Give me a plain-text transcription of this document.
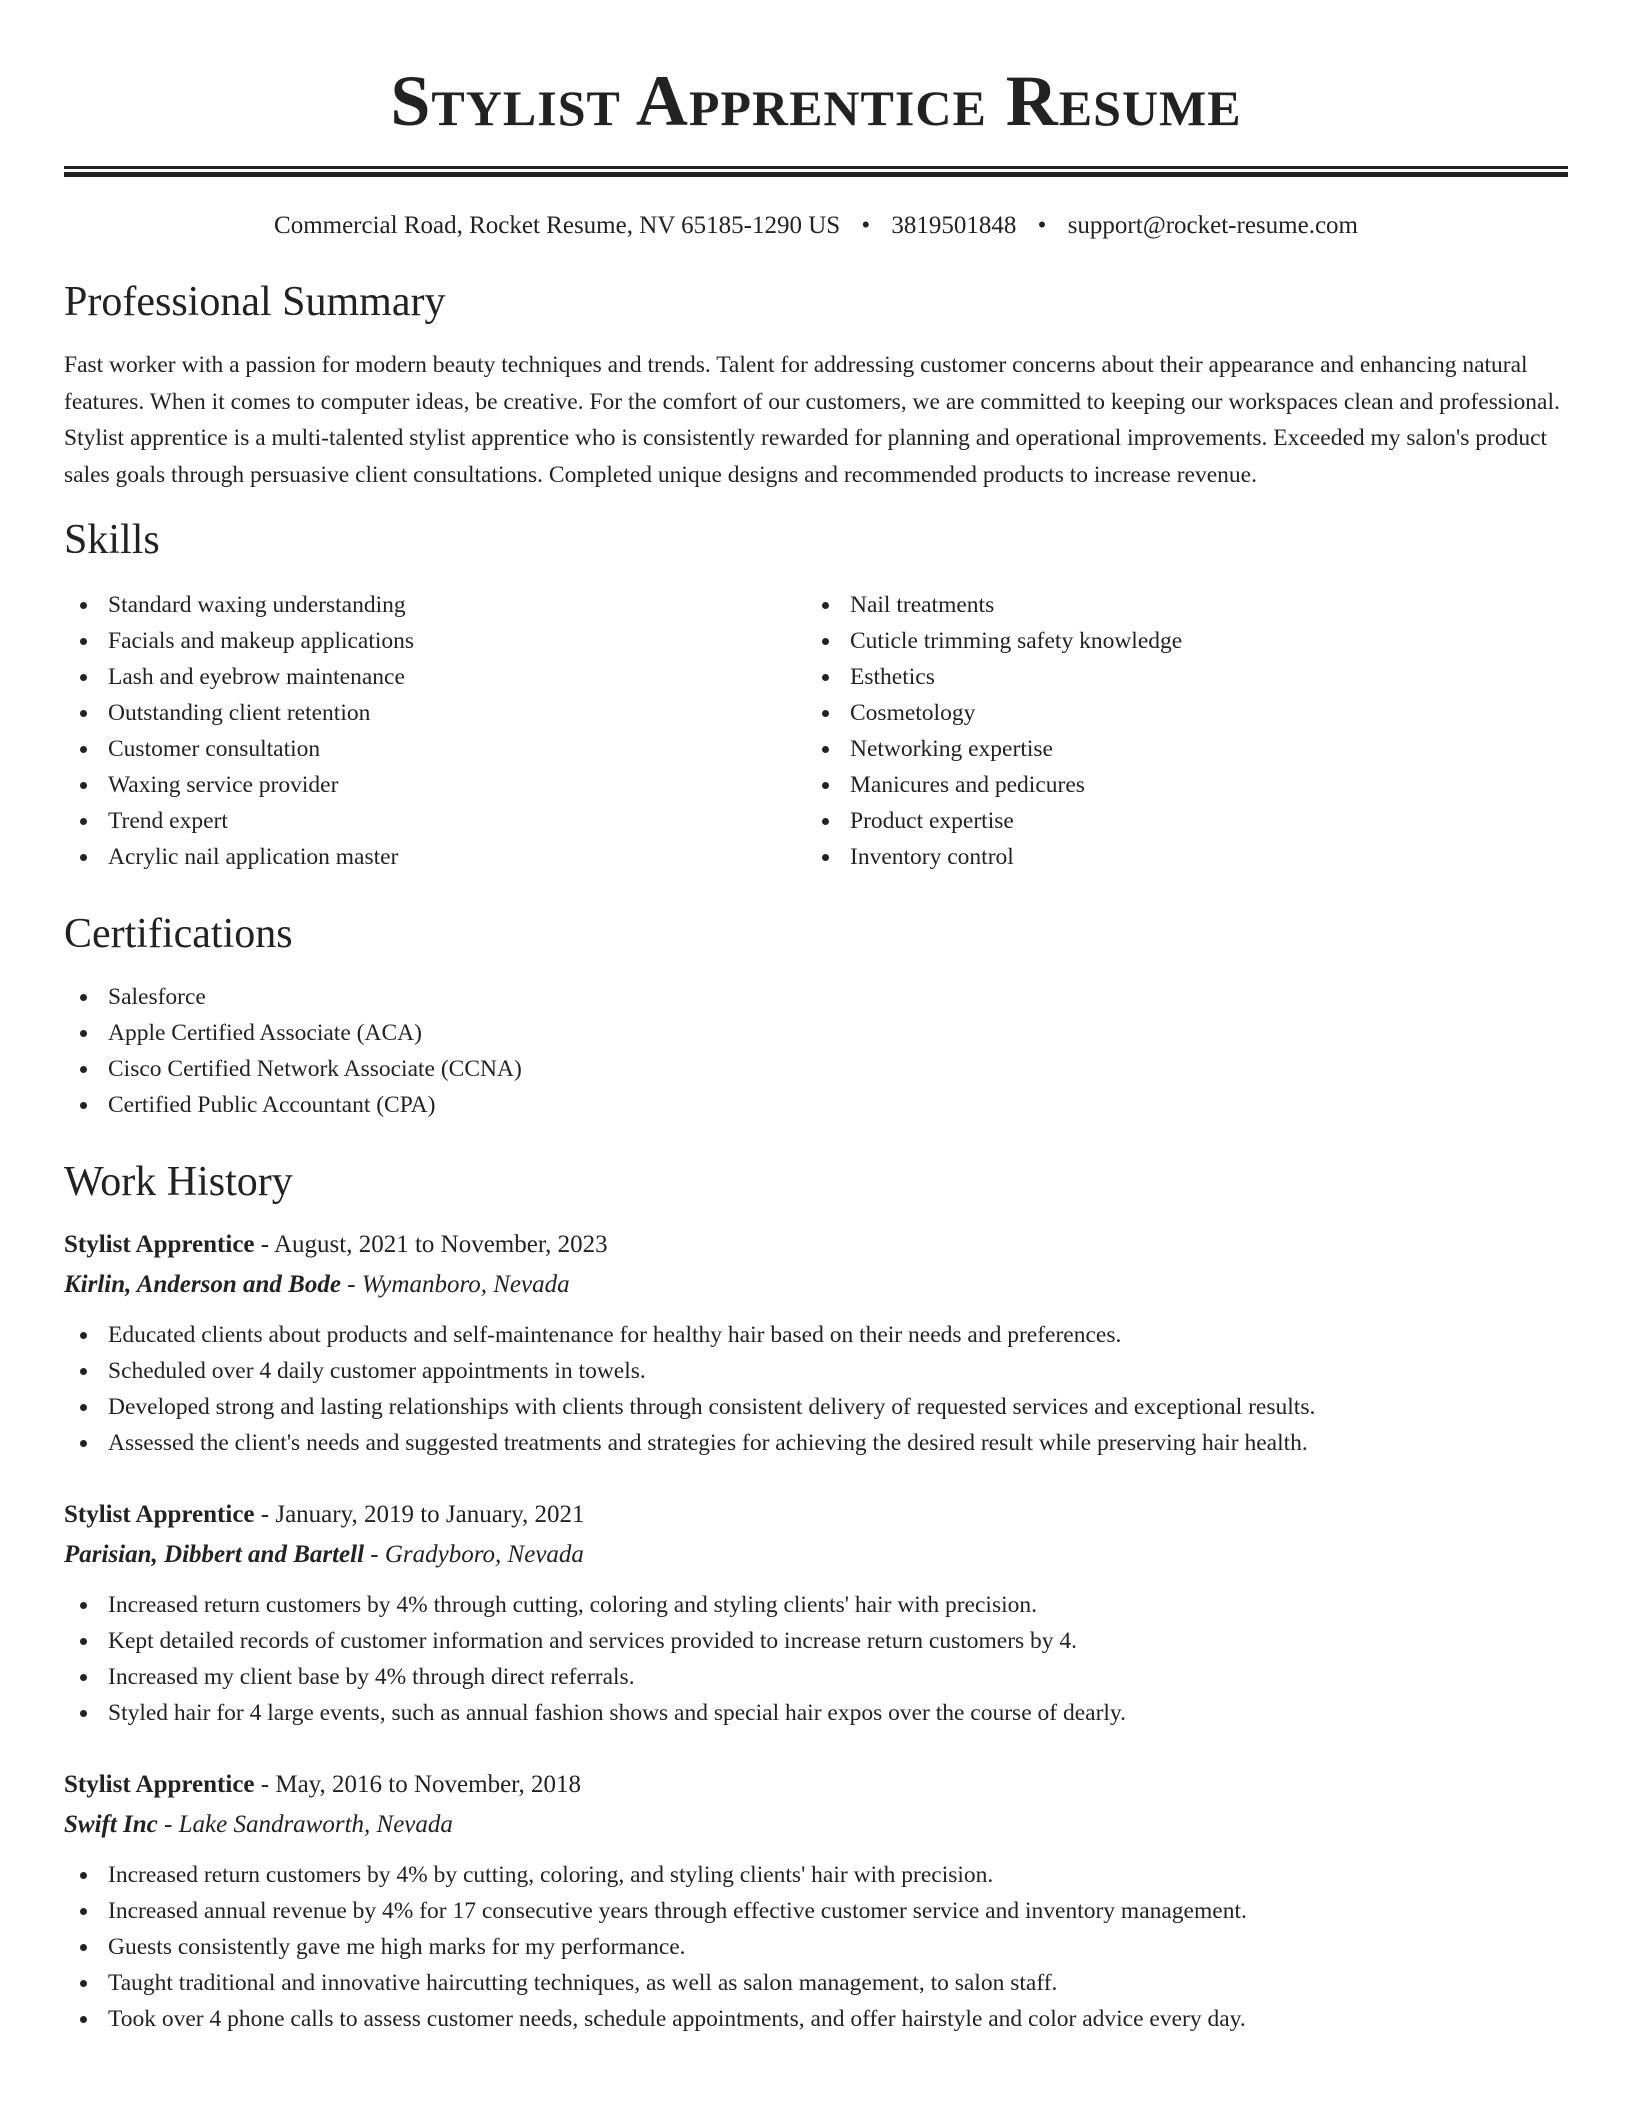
Stylist Apprentice Resume
Commercial Road, Rocket Resume, NV 65185-1290 US • 3819501848 • support@rocket-resume.com
Professional Summary

Fast worker with a passion for modern beauty techniques and trends. Talent for addressing customer concerns about their appearance and enhancing natural features. When it comes to computer ideas, be creative. For the comfort of our customers, we are committed to keeping our workspaces clean and professional. Stylist apprentice is a multi-talented stylist apprentice who is consistently rewarded for planning and operational improvements. Exceeded my salon's product sales goals through persuasive client consultations. Completed unique designs and recommended products to increase revenue.

Skills
Standard waxing understanding
Facials and makeup applications
Lash and eyebrow maintenance
Outstanding client retention
Customer consultation
Waxing service provider
Trend expert
Acrylic nail application master
Nail treatments
Cuticle trimming safety knowledge
Esthetics
Cosmetology
Networking expertise
Manicures and pedicures
Product expertise
Inventory control
Certifications
Salesforce
Apple Certified Associate (ACA)
Cisco Certified Network Associate (CCNA)
Certified Public Accountant (CPA)
Work History
Stylist Apprentice - August, 2021 to November, 2023
Kirlin, Anderson and Bode - Wymanboro, Nevada
Educated clients about products and self-maintenance for healthy hair based on their needs and preferences.
Scheduled over 4 daily customer appointments in towels.
Developed strong and lasting relationships with clients through consistent delivery of requested services and exceptional results.
Assessed the client's needs and suggested treatments and strategies for achieving the desired result while preserving hair health.
Stylist Apprentice - January, 2019 to January, 2021
Parisian, Dibbert and Bartell - Gradyboro, Nevada
Increased return customers by 4% through cutting, coloring and styling clients' hair with precision.
Kept detailed records of customer information and services provided to increase return customers by 4.
Increased my client base by 4% through direct referrals.
Styled hair for 4 large events, such as annual fashion shows and special hair expos over the course of dearly.
Stylist Apprentice - May, 2016 to November, 2018
Swift Inc - Lake Sandraworth, Nevada
Increased return customers by 4% by cutting, coloring, and styling clients' hair with precision.
Increased annual revenue by 4% for 17 consecutive years through effective customer service and inventory management.
Guests consistently gave me high marks for my performance.
Taught traditional and innovative haircutting techniques, as well as salon management, to salon staff.
Took over 4 phone calls to assess customer needs, schedule appointments, and offer hairstyle and color advice every day.
